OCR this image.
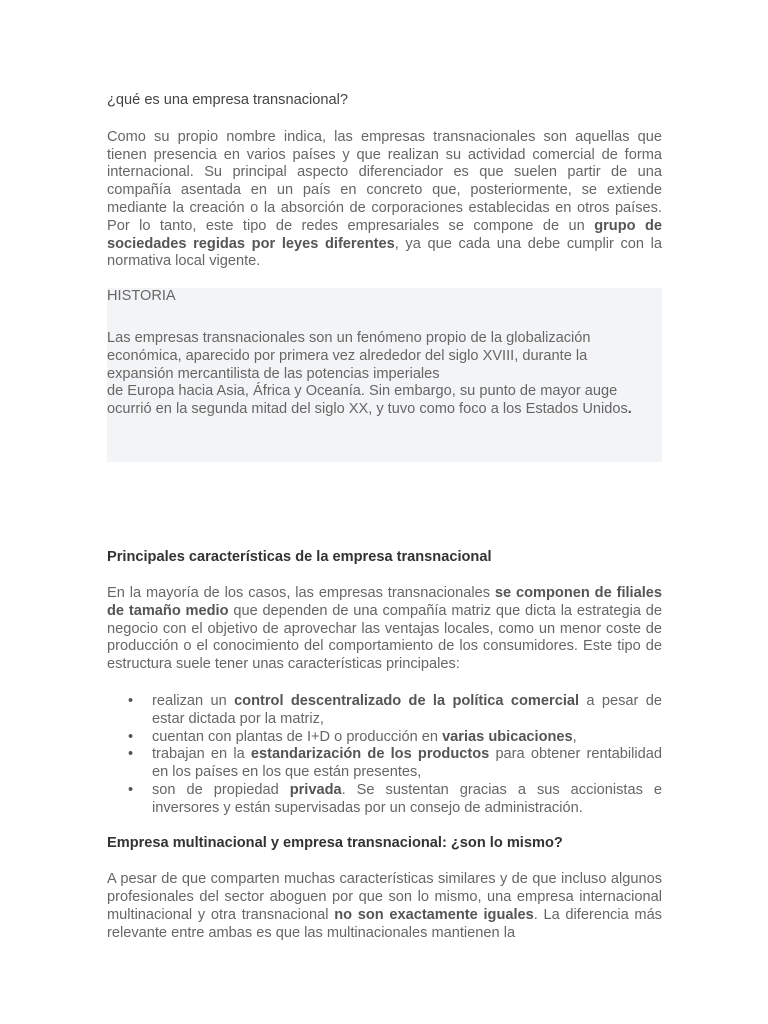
¿qué es una empresa transnacional?

Como su propio nombre indica, las empresas transnacionales son aquellas que tienen presencia en varios países y que realizan su actividad comercial de forma internacional. Su principal aspecto diferenciador es que suelen partir de una compañía asentada en un país en concreto que, posteriormente, se extiende mediante la creación o la absorción de corporaciones establecidas en otros países. Por lo tanto, este tipo de redes empresariales se compone de un grupo de sociedades regidas por leyes diferentes, ya que cada una debe cumplir con la normativa local vigente.

HISTORIA

Las empresas transnacionales son un fenómeno propio de la globalización
económica, aparecido por primera vez alrededor del siglo XVIII, durante la
expansión mercantilista de las potencias imperiales
de Europa hacia Asia, África y Oceanía. Sin embargo, su punto de mayor auge
ocurrió en la segunda mitad del siglo XX, y tuvo como foco a los Estados Unidos.

Principales características de la empresa transnacional

En la mayoría de los casos, las empresas transnacionales se componen de filiales de tamaño medio que dependen de una compañía matriz que dicta la estrategia de negocio con el objetivo de aprovechar las ventajas locales, como un menor coste de producción o el conocimiento del comportamiento de los consumidores. Este tipo de estructura suele tener unas características principales:

• realizan un control descentralizado de la política comercial a pesar de estar dictada por la matriz,
• cuentan con plantas de I+D o producción en varias ubicaciones,
• trabajan en la estandarización de los productos para obtener rentabilidad en los países en los que están presentes,
• son de propiedad privada. Se sustentan gracias a sus accionistas e inversores y están supervisadas por un consejo de administración.

Empresa multinacional y empresa transnacional: ¿son lo mismo?

A pesar de que comparten muchas características similares y de que incluso algunos profesionales del sector aboguen por que son lo mismo, una empresa internacional multinacional y otra transnacional no son exactamente iguales. La diferencia más relevante entre ambas es que las multinacionales mantienen la
